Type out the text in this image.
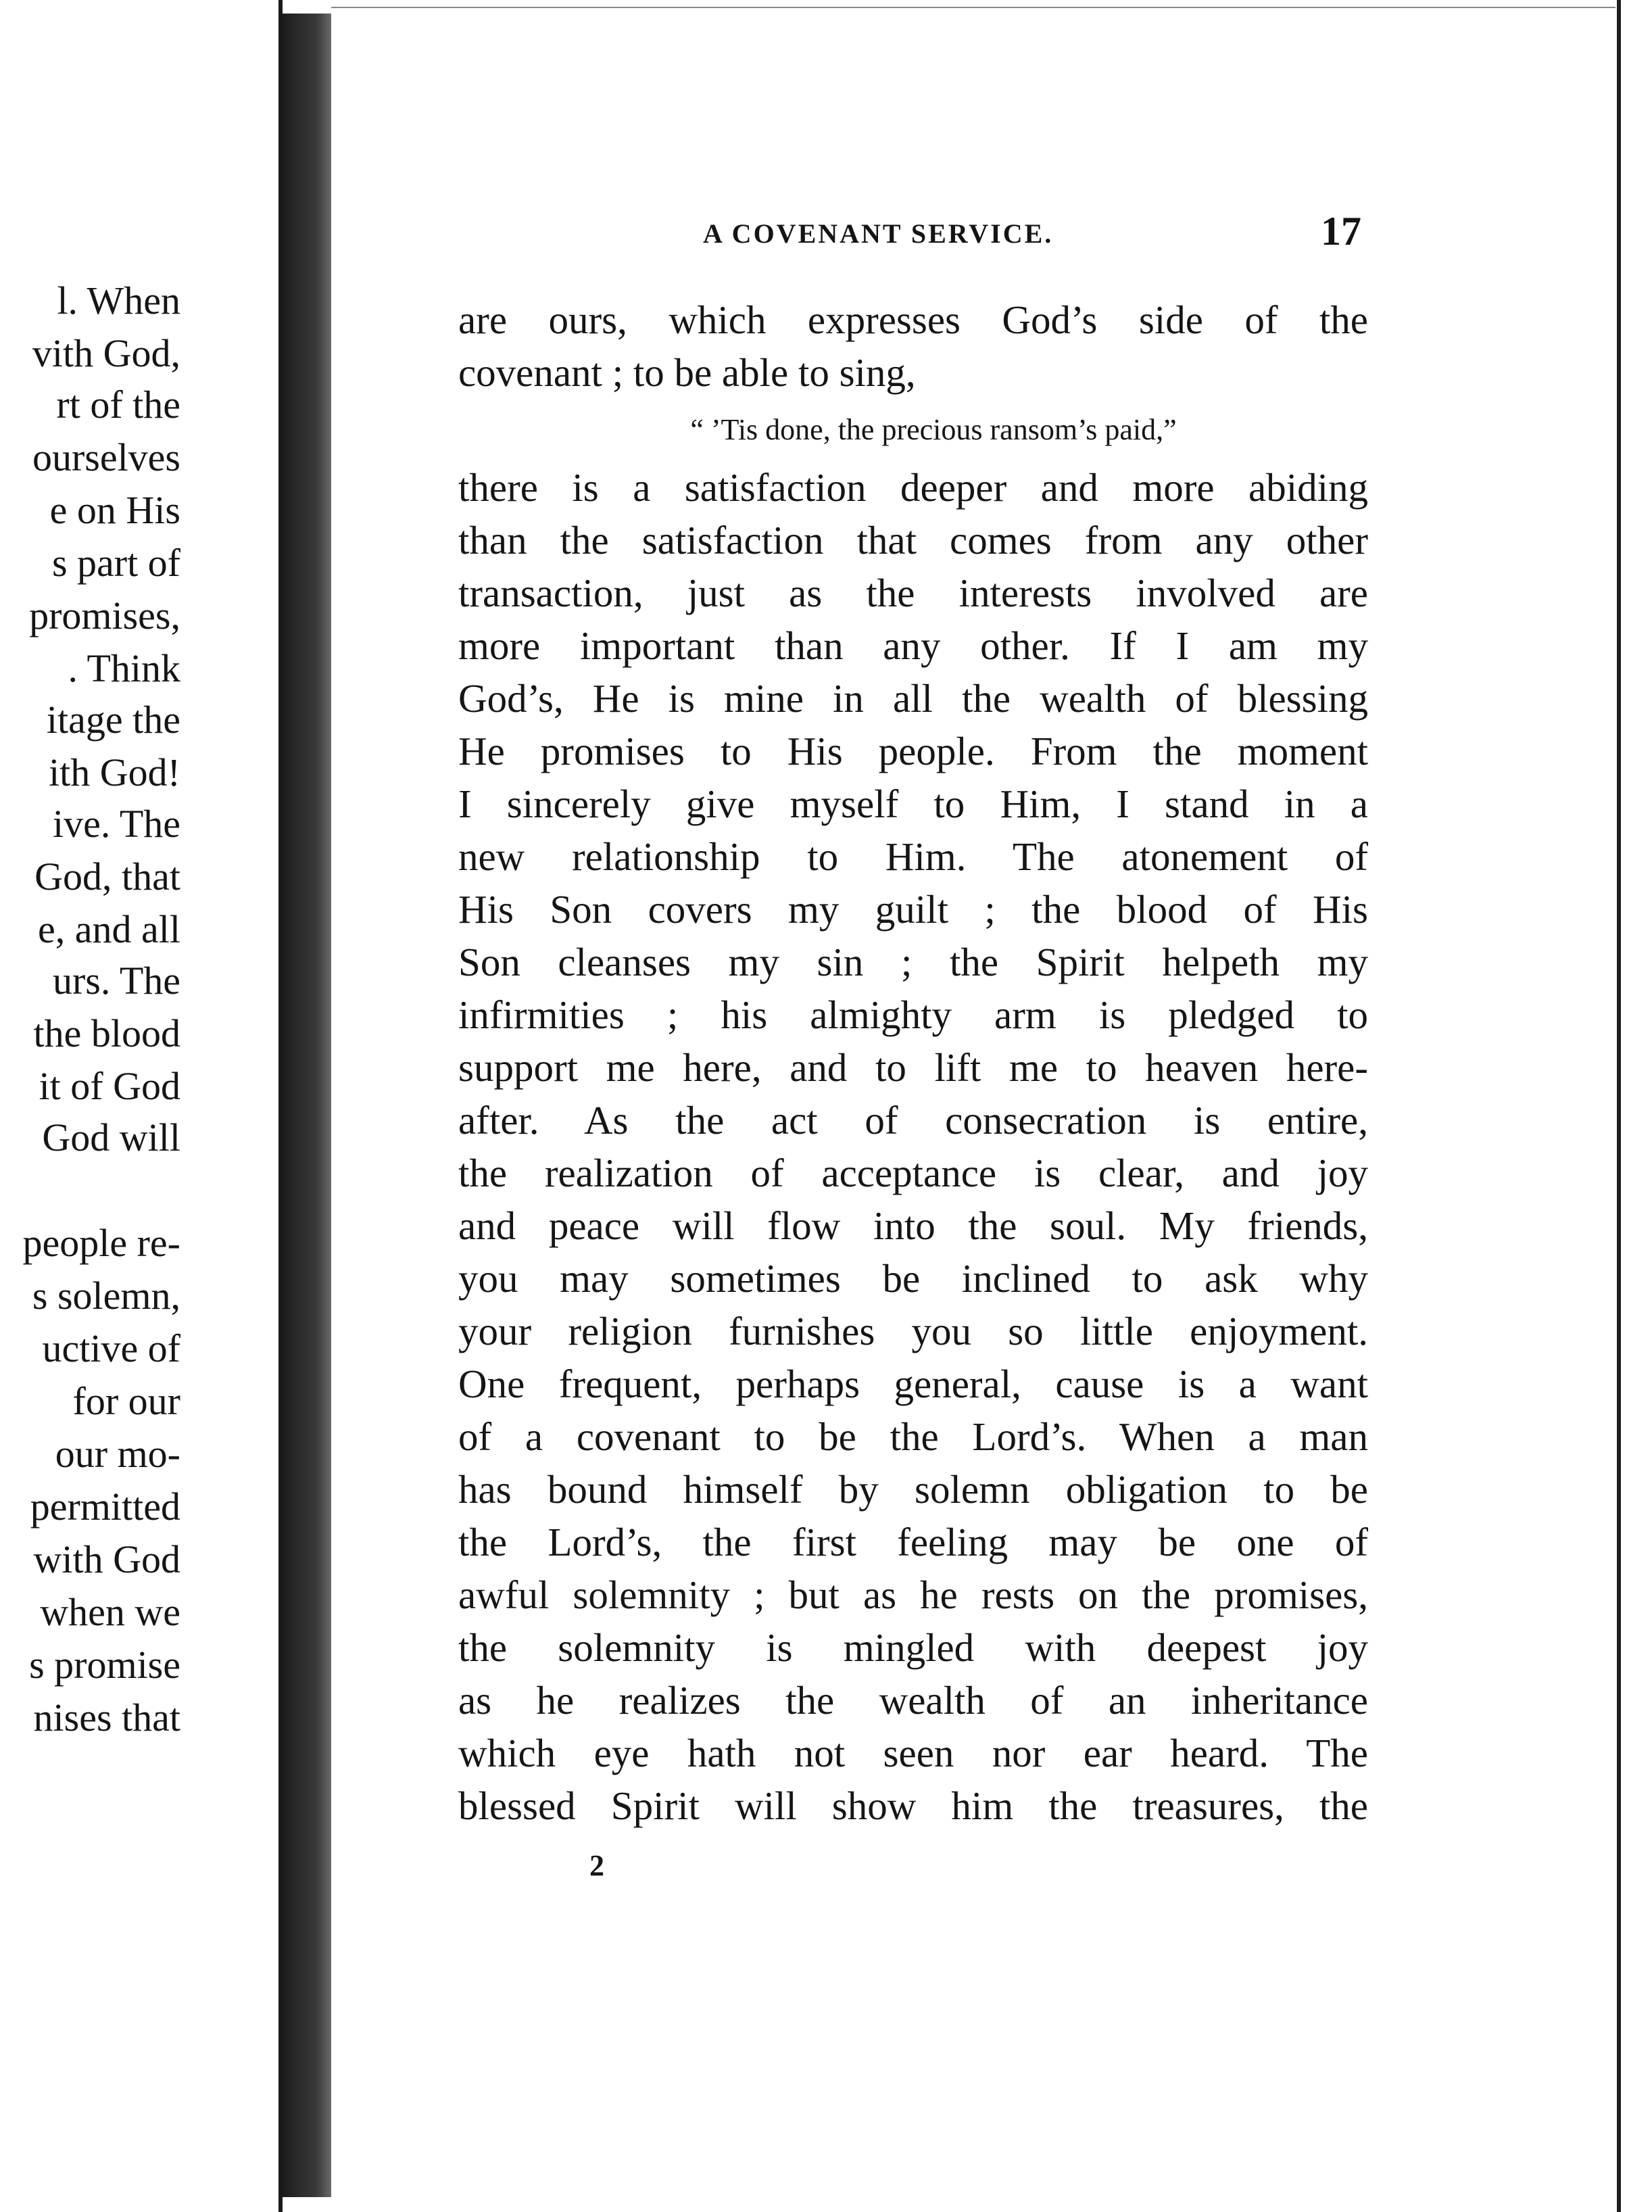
l. When
vith God,
rt of the
ourselves
e on His
s part of
promises,
. Think
itage the
ith God!
ive. The
God, that
e, and all
urs. The
the blood
it of God
God will
people re-
s solemn,
uctive of
for our
our mo-
permitted
with God
when we
s promise
nises that
A COVENANT SERVICE.	17
are ours, which expresses God’s side of the
covenant ; to be able to sing,
“ ’Tis done, the precious ransom’s paid,”
there is a satisfaction deeper and more abiding
than the satisfaction that comes from any other
transaction, just as the interests involved are
more important than any other. If I am my
God’s, He is mine in all the wealth of blessing
He promises to His people. From the moment
I sincerely give myself to Him, I stand in a
new relationship to Him. The atonement of
His Son covers my guilt ; the blood of His
Son cleanses my sin ; the Spirit helpeth my
infirmities ; his almighty arm is pledged to
support me here, and to lift me to heaven here-
after. As the act of consecration is entire,
the realization of acceptance is clear, and joy
and peace will flow into the soul. My friends,
you may sometimes be inclined to ask why
your religion furnishes you so little enjoyment.
One frequent, perhaps general, cause is a want
of a covenant to be the Lord’s. When a man
has bound himself by solemn obligation to be
the Lord’s, the first feeling may be one of
awful solemnity ; but as he rests on the promises,
the solemnity is mingled with deepest joy
as he realizes the wealth of an inheritance
which eye hath not seen nor ear heard. The
blessed Spirit will show him the treasures, the
2
